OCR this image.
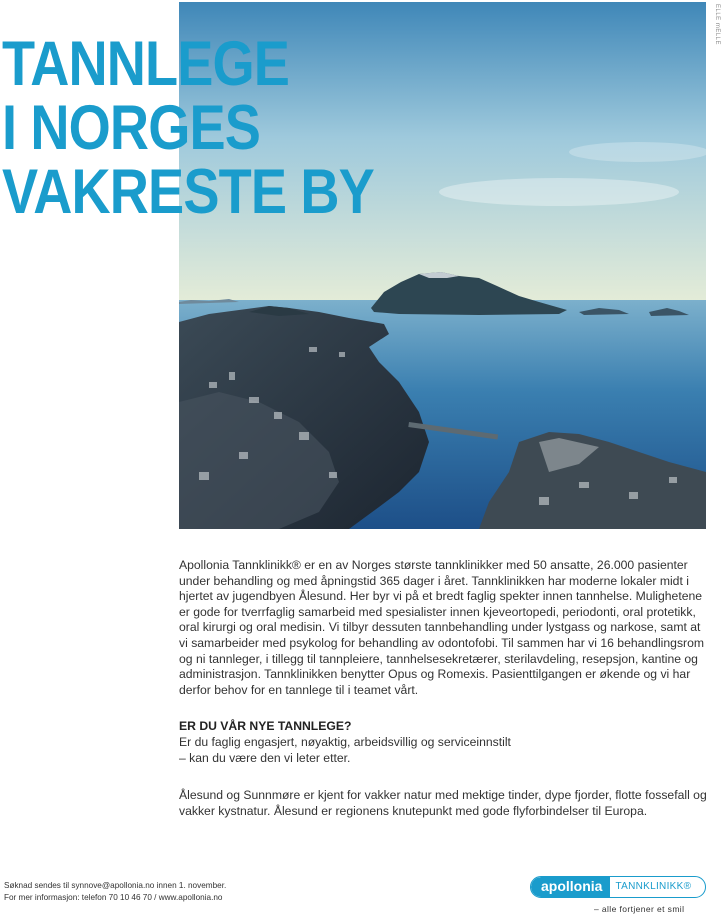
ELLE mELLE
TANNLEGE
I NORGES
VAKRESTE BY

Apollonia Tannklinikk® er en av Norges største tannklinikker med 50 ansatte, 26.000 pasienter under behandling og med åpningstid 365 dager i året. Tannklinikken har moderne lokaler midt i hjertet av jugendbyen Ålesund. Her byr vi på et bredt faglig spekter innen tannhelse. Mulighetene er gode for tverrfaglig samarbeid med spesialister innen kjeveortopedi, periodonti, oral protetikk, oral kirurgi og oral medisin. Vi tilbyr dessuten tannbehandling under lystgass og narkose, samt at vi samarbeider med psykolog for behandling av odontofobi. Til sammen har vi 16 behandlingsrom og ni tannleger, i tillegg til tannpleiere, tannhelsesekretærer, sterilavdeling, resepsjon, kantine og administrasjon. Tannklinikken benytter Opus og Romexis. Pasienttilgangen er økende og vi har derfor behov for en tannlege til i teamet vårt.

ER DU VÅR NYE TANNLEGE?

Er du faglig engasjert, nøyaktig, arbeidsvillig og serviceinnstilt

– kan du være den vi leter etter.

Ålesund og Sunnmøre er kjent for vakker natur med mektige tinder, dype fjorder, flotte fossefall og vakker kystnatur. Ålesund er regionens knutepunkt med gode flyforbindelser til Europa.

Søknad sendes til synnove@apollonia.no innen 1. november.
For mer informasjon: telefon 70 10 46 70 / www.apollonia.no
apollonia	TANNKLINIKK®
– alle fortjener et smil
